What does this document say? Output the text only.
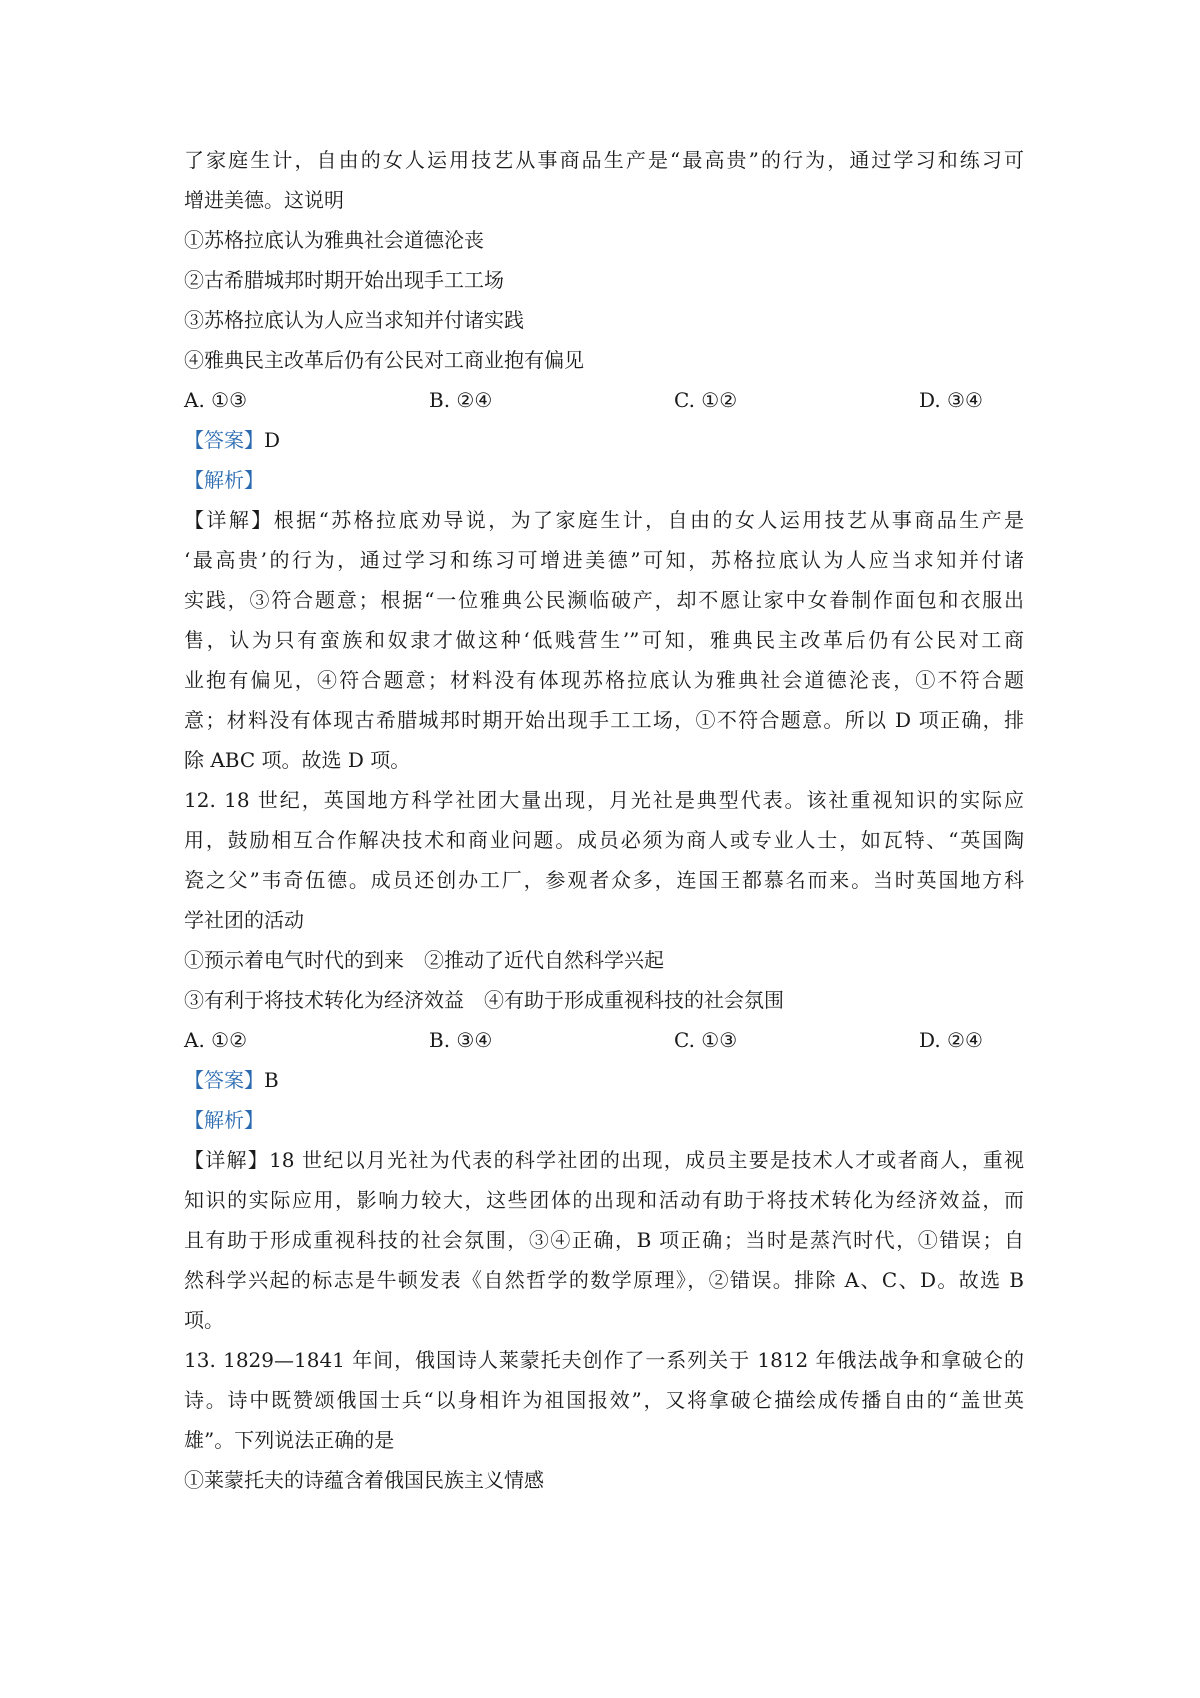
了家庭生计，自由的女人运用技艺从事商品生产是“最高贵”的行为，通过学习和练习可
增进美德。这说明
①苏格拉底认为雅典社会道德沦丧
②古希腊城邦时期开始出现手工工场
③苏格拉底认为人应当求知并付诸实践
④雅典民主改革后仍有公民对工商业抱有偏见
A. ①③	B. ②④	C. ①②	D. ③④
【答案】D
【解析】
【详解】根据“苏格拉底劝导说，为了家庭生计，自由的女人运用技艺从事商品生产是
‘最高贵’的行为，通过学习和练习可增进美德”可知，苏格拉底认为人应当求知并付诸
实践，③符合题意；根据“一位雅典公民濒临破产，却不愿让家中女眷制作面包和衣服出
售，认为只有蛮族和奴隶才做这种‘低贱营生’”可知，雅典民主改革后仍有公民对工商
业抱有偏见，④符合题意；材料没有体现苏格拉底认为雅典社会道德沦丧，①不符合题
意；材料没有体现古希腊城邦时期开始出现手工工场，①不符合题意。所以 D 项正确，排
除 ABC 项。故选 D 项。
12. 18 世纪，英国地方科学社团大量出现，月光社是典型代表。该社重视知识的实际应
用，鼓励相互合作解决技术和商业问题。成员必须为商人或专业人士，如瓦特、“英国陶
瓷之父”韦奇伍德。成员还创办工厂，参观者众多，连国王都慕名而来。当时英国地方科
学社团的活动
①预示着电气时代的到来　②推动了近代自然科学兴起
③有利于将技术转化为经济效益　④有助于形成重视科技的社会氛围
A. ①②	B. ③④	C. ①③	D. ②④
【答案】B
【解析】
【详解】18 世纪以月光社为代表的科学社团的出现，成员主要是技术人才或者商人，重视
知识的实际应用，影响力较大，这些团体的出现和活动有助于将技术转化为经济效益，而
且有助于形成重视科技的社会氛围，③④正确，B 项正确；当时是蒸汽时代，①错误；自
然科学兴起的标志是牛顿发表《自然哲学的数学原理》，②错误。排除 A、C、D。故选 B
项。
13. 1829—1841 年间，俄国诗人莱蒙托夫创作了一系列关于 1812 年俄法战争和拿破仑的
诗。诗中既赞颂俄国士兵“以身相许为祖国报效”，又将拿破仑描绘成传播自由的“盖世英
雄”。下列说法正确的是
①莱蒙托夫的诗蕴含着俄国民族主义情感
